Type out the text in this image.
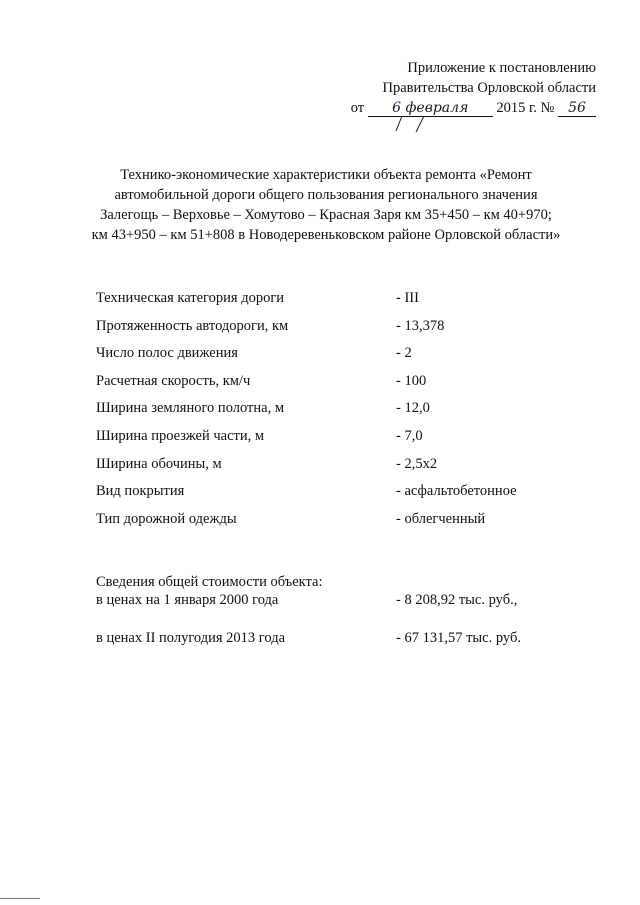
Приложение к постановлению
Правительства Орловской области
от 6 февраля 2015 г. № 56
Технико-экономические характеристики объекта ремонта «Ремонт
автомобильной дороги общего пользования регионального значения
Залегощь – Верховье – Хомутово – Красная Заря км 35+450 – км 40+970;
км 43+950 – км 51+808 в Новодеревеньковском районе Орловской области»
Техническая категория дороги	- III
Протяженность автодороги, км	- 13,378
Число полос движения	- 2
Расчетная скорость, км/ч	- 100
Ширина земляного полотна, м	- 12,0
Ширина проезжей части, м	- 7,0
Ширина обочины, м	- 2,5х2
Вид покрытия	- асфальтобетонное
Тип дорожной одежды	- облегченный
Сведения общей стоимости объекта:
в ценах на 1 января 2000 года	- 8 208,92 тыс. руб.,
в ценах II полугодия 2013 года	- 67 131,57 тыс. руб.
